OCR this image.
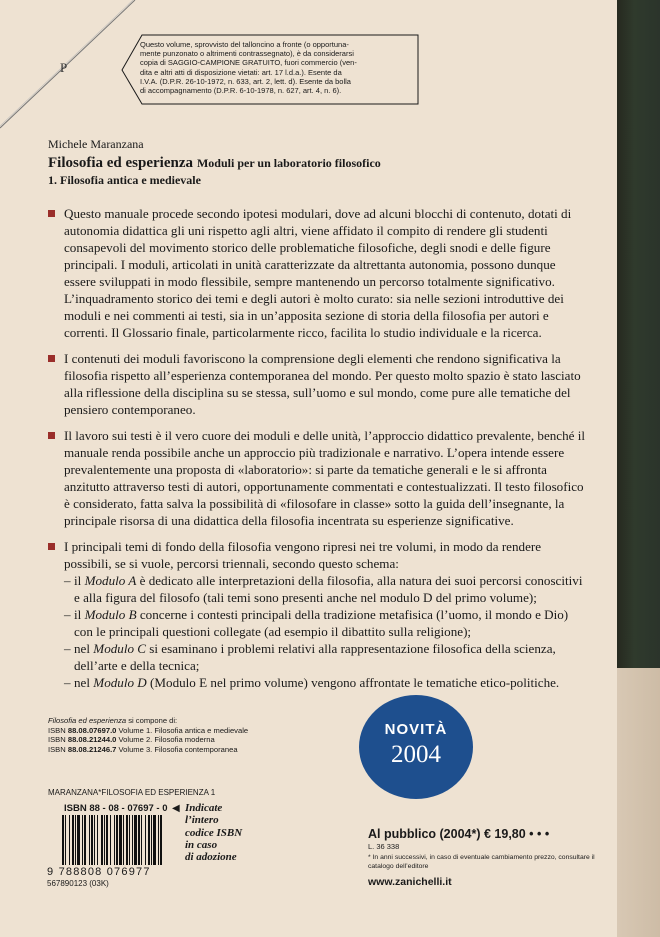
P
Questo volume, sprovvisto del talloncino a fronte (o opportuna-
mente punzonato o altrimenti contrassegnato), è da considerarsi
copia di SAGGIO-CAMPIONE GRATUITO, fuori commercio (ven-
dita e altri atti di disposizione vietati: art. 17 l.d.a.). Esente da
I.V.A. (D.P.R. 26-10-1972, n. 633, art. 2, lett. d). Esente da bolla
di accompagnamento (D.P.R. 6-10-1978, n. 627, art. 4, n. 6).
Michele Maranzana
Filosofia ed esperienza Moduli per un laboratorio filosofico
1. Filosofia antica e medievale
Questo manuale procede secondo ipotesi modulari, dove ad alcuni blocchi di contenuto, dotati di autonomia didattica gli uni rispetto agli altri, viene affidato il compito di rendere gli studenti consapevoli del movimento storico delle problematiche filosofiche, degli snodi e delle figure principali. I moduli, articolati in unità caratterizzate da altrettanta autonomia, possono dunque essere sviluppati in modo flessibile, sempre mantenendo un percorso totalmente significativo. L’inquadramento storico dei temi e degli autori è molto curato: sia nelle sezioni introduttive dei moduli e nei commenti ai testi, sia in un’apposita sezione di storia della filosofia per autori e correnti. Il Glossario finale, particolarmente ricco, facilita lo studio individuale e la ricerca.
I contenuti dei moduli favoriscono la comprensione degli elementi che rendono significativa la filosofia rispetto all’esperienza contemporanea del mondo. Per questo molto spazio è stato lasciato alla riflessione della disciplina su se stessa, sull’uomo e sul mondo, come pure alle tematiche del pensiero contemporaneo.
Il lavoro sui testi è il vero cuore dei moduli e delle unità, l’approccio didattico prevalente, benché il manuale renda possibile anche un approccio più tradizionale e narrativo. L’opera intende essere prevalentemente una proposta di «laboratorio»: si parte da tematiche generali e le si affronta anzitutto attraverso testi di autori, opportunamente commentati e contestualizzati. Il testo filosofico è considerato, fatta salva la possibilità di «filosofare in classe» sotto la guida dell’insegnante, la principale risorsa di una didattica della filosofia incentrata su esperienze significative.
I principali temi di fondo della filosofia vengono ripresi nei tre volumi, in modo da rendere possibili, se si vuole, percorsi triennali, secondo questo schema:
– il Modulo A è dedicato alle interpretazioni della filosofia, alla natura dei suoi percorsi conoscitivi e alla figura del filosofo (tali temi sono presenti anche nel modulo D del primo volume);
– il Modulo B concerne i contesti principali della tradizione metafisica (l’uomo, il mondo e Dio) con le principali questioni collegate (ad esempio il dibattito sulla religione);
– nel Modulo C si esaminano i problemi relativi alla rappresentazione filosofica della scienza, dell’arte e della tecnica;
– nel Modulo D (Modulo E nel primo volume) vengono affrontate le tematiche etico-politiche.
Filosofia ed esperienza si compone di:
ISBN 88.08.07697.0 Volume 1. Filosofia antica e medievale
ISBN 88.08.21244.0 Volume 2. Filosofia moderna
ISBN 88.08.21246.7 Volume 3. Filosofia contemporanea
NOVITÀ
2004
MARANZANA*FILOSOFIA ED ESPERIENZA 1
ISBN 88 - 08 - 07697 - 0
9 788808 076977
567890123 (03K)
◀ Indicate
l’intero
codice ISBN
in caso
di adozione
Al pubblico (2004*) € 19,80 • • •
L. 36 338
* In anni successivi, in caso di eventuale cambiamento prezzo, consultare il catalogo dell’editore
www.zanichelli.it
